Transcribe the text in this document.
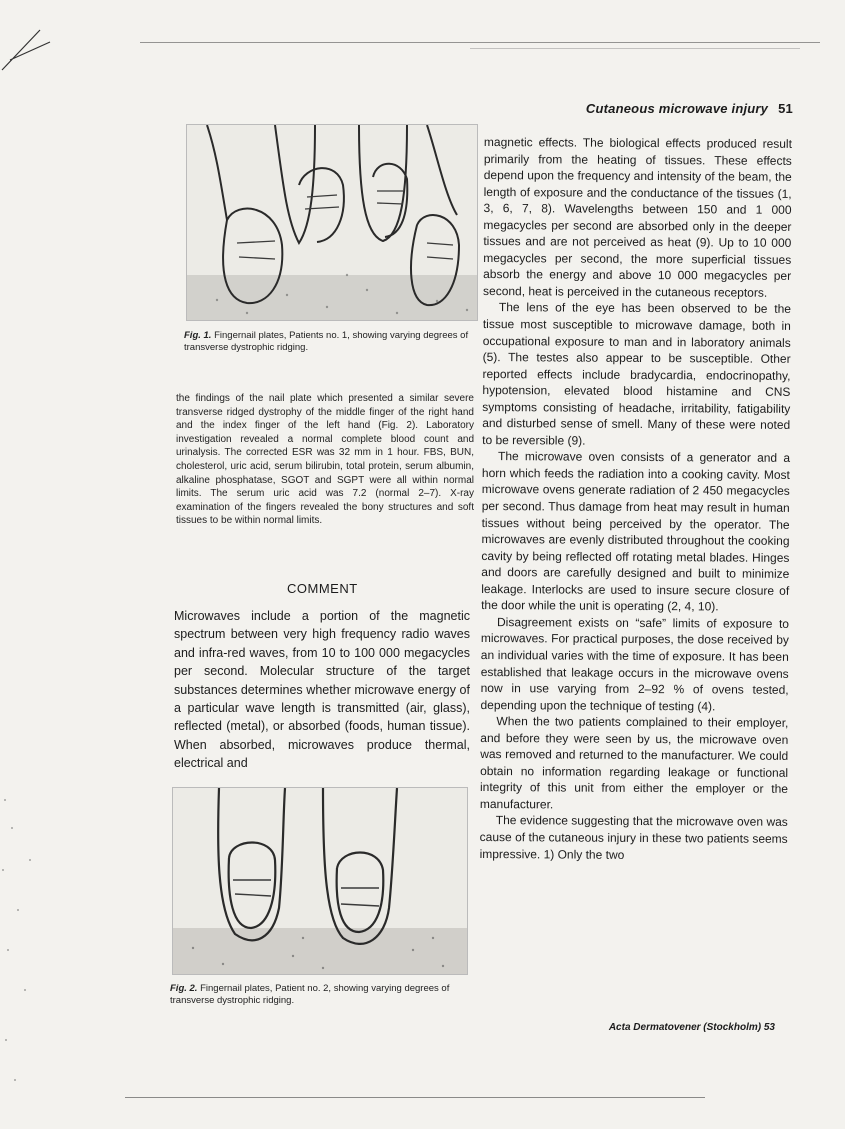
Cutaneous microwave injury 51
Fig. 1. Fingernail plates, Patients no. 1, showing varying degrees of transverse dystrophic ridging.
the findings of the nail plate which presented a similar severe transverse ridged dystrophy of the middle finger of the right hand and the index finger of the left hand (Fig. 2). Laboratory investigation revealed a normal complete blood count and urinalysis. The corrected ESR was 32 mm in 1 hour. FBS, BUN, cholesterol, uric acid, serum bilirubin, total protein, serum albumin, alkaline phosphatase, SGOT and SGPT were all within normal limits. The serum uric acid was 7.2 (normal 2–7). X-ray examination of the fingers revealed the bony structures and soft tissues to be within normal limits.
COMMENT
Microwaves include a portion of the magnetic spectrum between very high frequency radio waves and infra-red waves, from 10 to 100 000 megacycles per second. Molecular structure of the target substances determines whether microwave energy of a particular wave length is transmitted (air, glass), reflected (metal), or absorbed (foods, human tissue). When absorbed, microwaves produce thermal, electrical and
Fig. 2. Fingernail plates, Patient no. 2, showing varying degrees of transverse dystrophic ridging.

magnetic effects. The biological effects produced result primarily from the heating of tissues. These effects depend upon the frequency and intensity of the beam, the length of exposure and the conductance of the tissues (1, 3, 6, 7, 8). Wavelengths between 150 and 1 000 megacycles per second are absorbed only in the deeper tissues and are not perceived as heat (9). Up to 10 000 megacycles per second, the more superficial tissues absorb the energy and above 10 000 megacycles per second, heat is perceived in the cutaneous receptors.

The lens of the eye has been observed to be the tissue most susceptible to microwave damage, both in occupational exposure to man and in laboratory animals (5). The testes also appear to be susceptible. Other reported effects include bradycardia, endocrinopathy, hypotension, elevated blood histamine and CNS symptoms consisting of headache, irritability, fatigability and disturbed sense of smell. Many of these were noted to be reversible (9).

The microwave oven consists of a generator and a horn which feeds the radiation into a cooking cavity. Most microwave ovens generate radiation of 2 450 megacycles per second. Thus damage from heat may result in human tissues without being perceived by the operator. The microwaves are evenly distributed throughout the cooking cavity by being reflected off rotating metal blades. Hinges and doors are carefully designed and built to minimize leakage. Interlocks are used to insure secure closure of the door while the unit is operating (2, 4, 10).

Disagreement exists on “safe” limits of exposure to microwaves. For practical purposes, the dose received by an individual varies with the time of exposure. It has been established that leakage occurs in the microwave ovens now in use varying from 2–92 % of ovens tested, depending upon the technique of testing (4).

When the two patients complained to their employer, and before they were seen by us, the microwave oven was removed and returned to the manufacturer. We could obtain no information regarding leakage or functional integrity of this unit from either the employer or the manufacturer.

The evidence suggesting that the microwave oven was cause of the cutaneous injury in these two patients seems impressive. 1) Only the two

Acta Dermatovener (Stockholm) 53
